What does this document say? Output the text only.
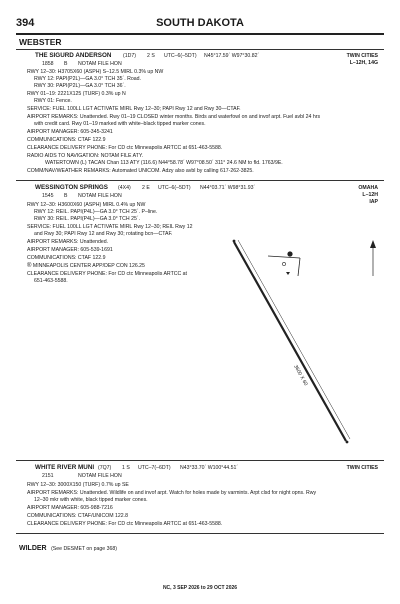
394	SOUTH DAKOTA
WEBSTER
THE SIGURD ANDERSON (1D7) 2 S UTC–6(–5DT) N45°17.59´ W97°30.82´	TWIN CITIES
L–12H, 14G
1858 B NOTAM FILE HON
RWY 12–30: H3705X60 (ASPH) S–12.5 MIRL 0.3% up NW
RWY 12: PAPI(P2L)—GA 3.0° TCH 35´. Road.
RWY 30: PAPI(P2L)—GA 3.0° TCH 36´.
RWY 01–19: 2221X125 (TURF) 0.3% up N
RWY 01: Fence.
SERVICE: FUEL 100LL LGT ACTIVATE MIRL Rwy 12–30; PAPI Rwy 12 and Rwy 30—CTAF.
AIRPORT REMARKS: Unattended. Rwy 01–19 CLOSED winter months. Birds and waterfowl on and invof arpt. Fuel avbl 24 hrs
with credit card. Rwy 01–19 marked with white–black tipped marker cones.
AIRPORT MANAGER: 605-345-3241
COMMUNICATIONS: CTAF 122.9
CLEARANCE DELIVERY PHONE: For CD ctc Minneapolis ARTCC at 651-463-5588.
RADIO AIDS TO NAVIGATION: NOTAM FILE ATY.
WATERTOWN (L) TACAN Chan 113 ATY (116.6) N44°58.78´ W97°08.50´ 311° 24.6 NM to fld. 1763/9E.
COMM/NAV/WEATHER REMARKS: Automated UNICOM. Adzy also avbl by calling 617-262-3825.
WESSINGTON SPRINGS (4X4) 2 E UTC–6(–5DT) N44°03.71´ W98°31.93´	OMAHA
L–12H
IAP
1545 B NOTAM FILE HON
RWY 12–30: H3600X60 (ASPH) MIRL 0.4% up NW
RWY 12: REIL. PAPI(P4L)—GA 3.0° TCH 25´. P–line.
RWY 30: REIL. PAPI(P4L)—GA 3.0° TCH 25´.
SERVICE: FUEL 100LL LGT ACTIVATE MIRL Rwy 12–30; REIL Rwy 12
and Rwy 30; PAPI Rwy 12 and Rwy 30; rotating bcn—CTAF.
AIRPORT REMARKS: Unattended.
AIRPORT MANAGER: 605-539-1691
COMMUNICATIONS: CTAF 122.9
® MINNEAPOLIS CENTER APP/DEP CON 126.25
CLEARANCE DELIVERY PHONE: For CD ctc Minneapolis ARTCC at
651-463-5588.
3600 X 60
WHITE RIVER MUNI (7Q7) 1 S UTC–7(–6DT) N43°33.70´ W100°44.51´	TWIN CITIES
2151	NOTAM FILE HON
RWY 12–30: 3000X150 (TURF) 0.7% up SE
AIRPORT REMARKS: Unattended. Wildlife on and invof arpt. Watch for holes made by varmints. Arpt clsd for night opns. Rwy
12–30 mkr with white, black tipped marker cones.
AIRPORT MANAGER: 605-988-7216
COMMUNICATIONS: CTAF/UNICOM 122.8
CLEARANCE DELIVERY PHONE: For CD ctc Minneapolis ARTCC at 651-463-5588.
WILDER (See DESMET on page 368)
NC, 3 SEP 2026 to 29 OCT 2026
